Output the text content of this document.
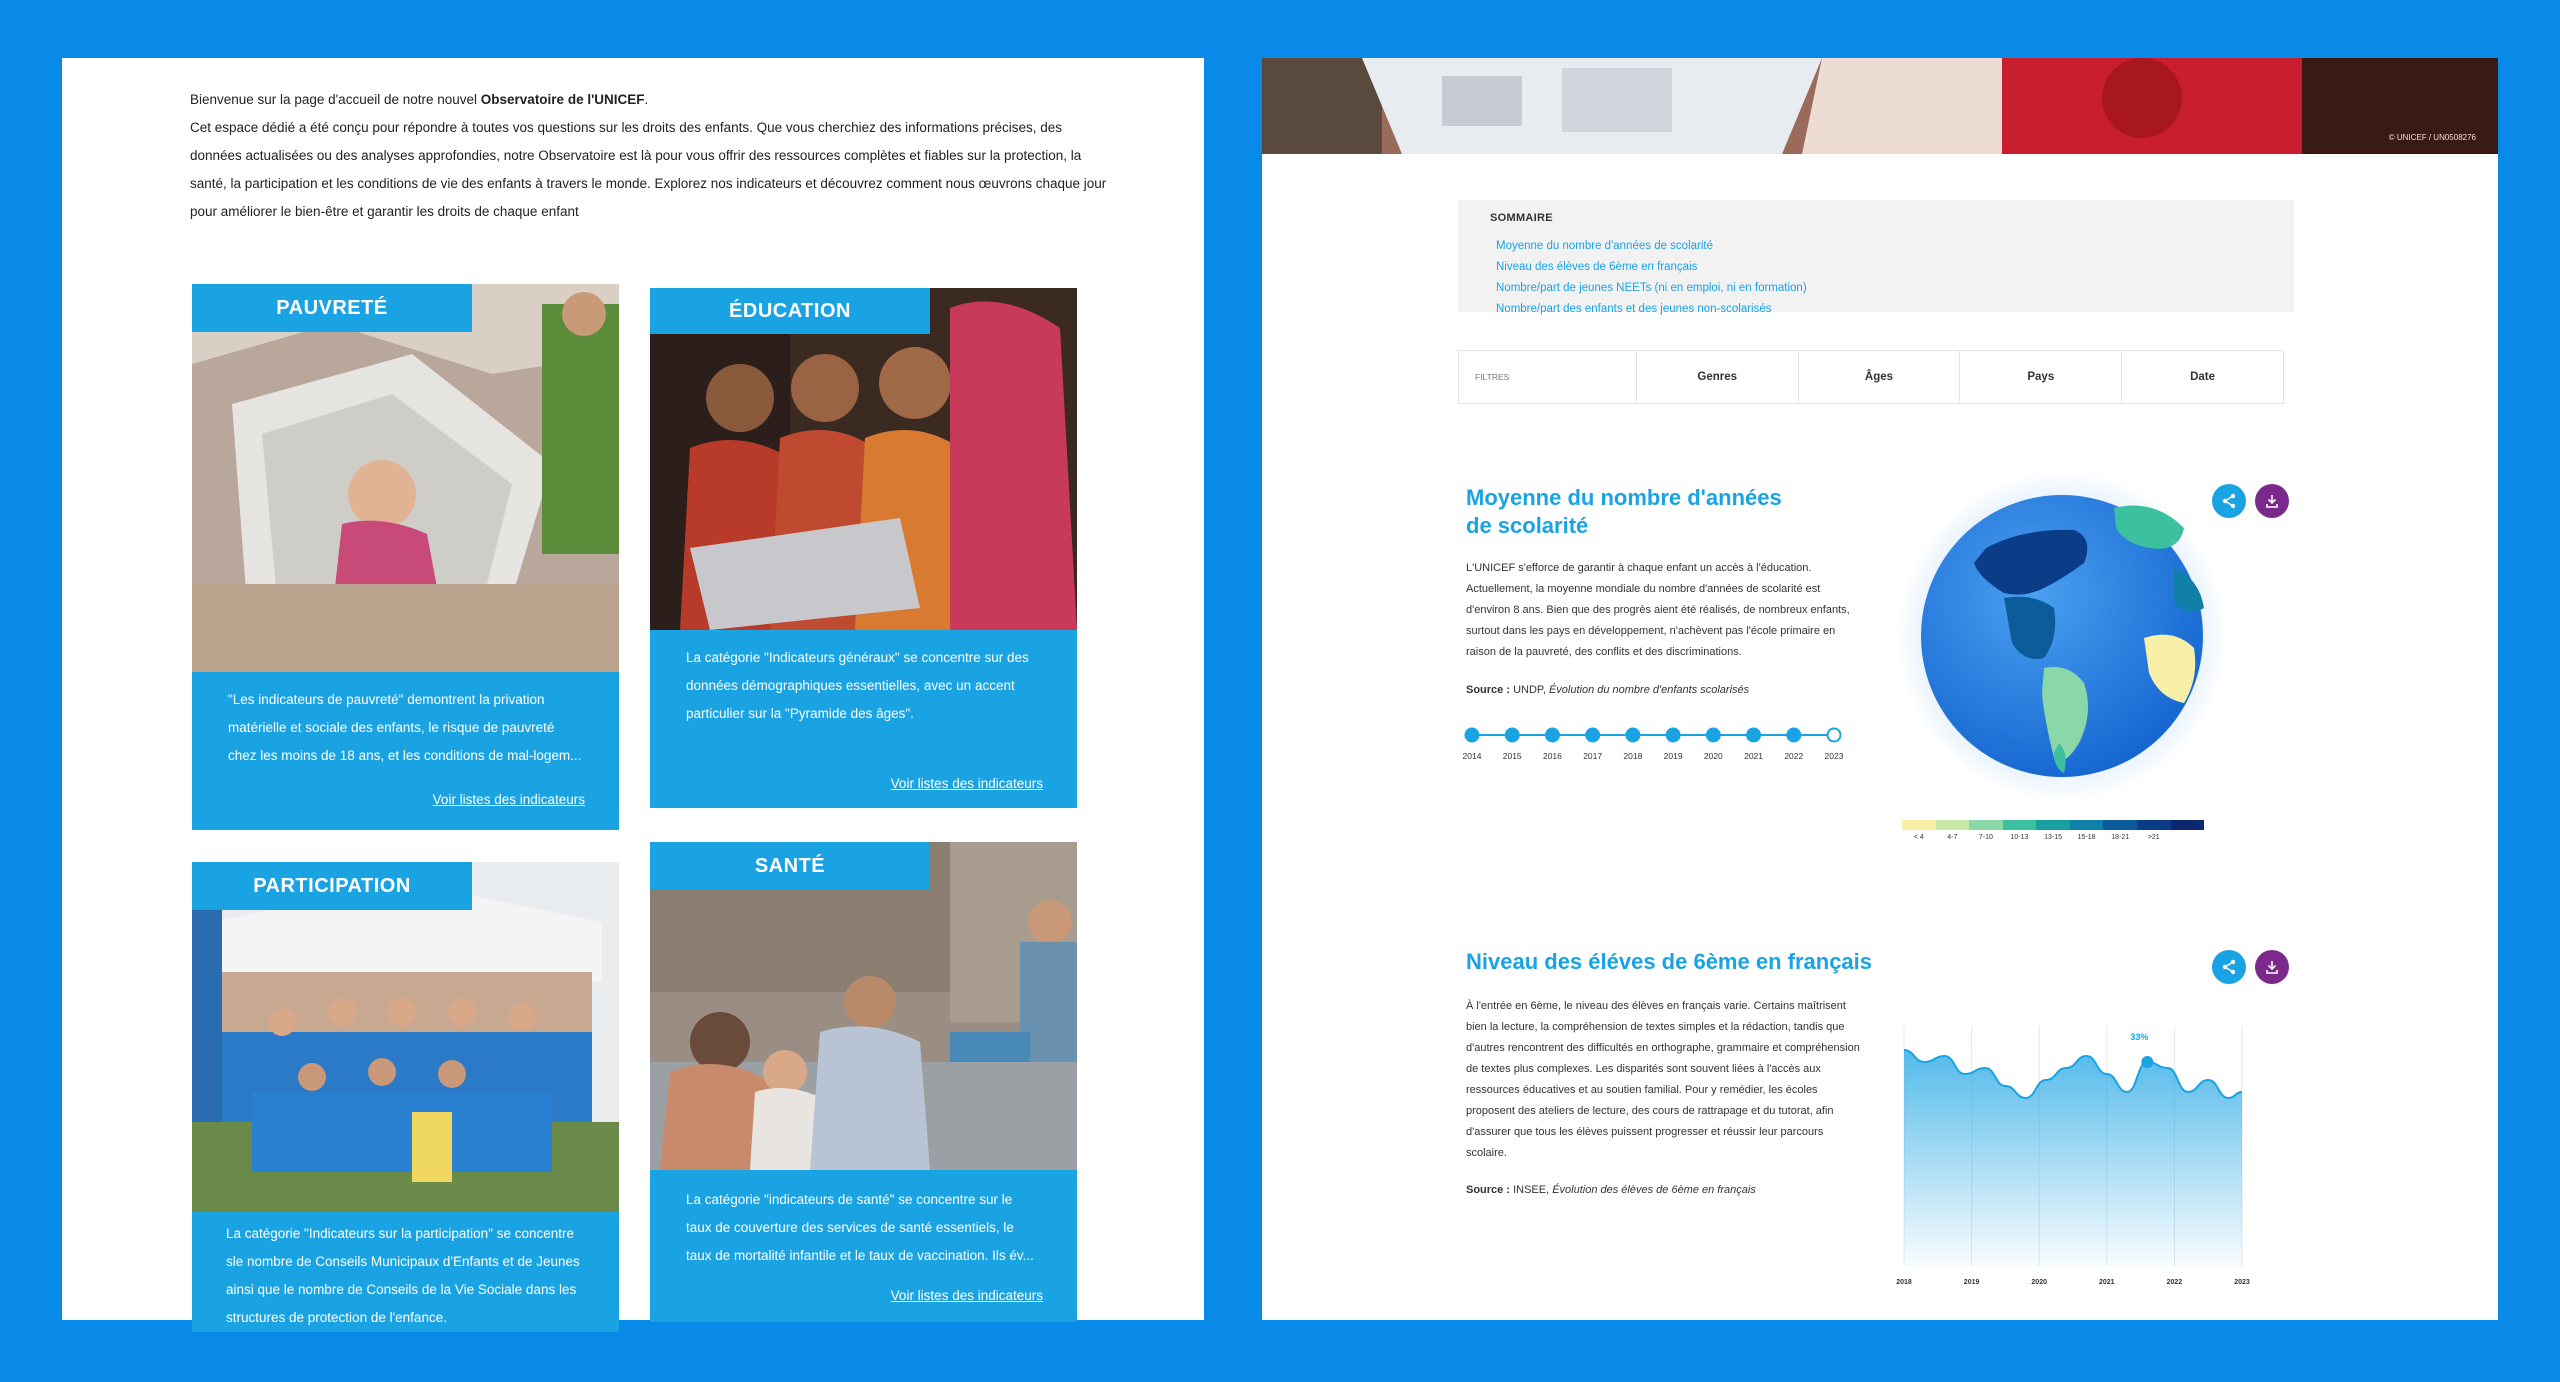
Bienvenue sur la page d'accueil de notre nouvel Observatoire de l'UNICEF.

Cet espace dédié a été conçu pour répondre à toutes vos questions sur les droits des enfants. Que vous cherchiez des informations précises, des données actualisées ou des analyses approfondies, notre Observatoire est là pour vous offrir des ressources complètes et fiables sur la protection, la santé, la participation et les conditions de vie des enfants à travers le monde. Explorez nos indicateurs et découvrez comment nous œuvrons chaque jour pour améliorer le bien-être et garantir les droits de chaque enfant

PAUVRETÉ
"Les indicateurs de pauvreté" demontrent la privation matérielle et sociale des enfants, le risque de pauvreté chez les moins de 18 ans, et les conditions de mal-logem...
Voir listes des indicateurs
ÉDUCATION
La catégorie "Indicateurs généraux" se concentre sur des données démographiques essentielles, avec un accent particulier sur la "Pyramide des âges".
Voir listes des indicateurs
PARTICIPATION
La catégorie "Indicateurs sur la participation" se concentre sle nombre de Conseils Municipaux d'Enfants et de Jeunes ainsi que le nombre de Conseils de la Vie Sociale dans les structures de protection de l'enfance.
SANTÉ
La catégorie "indicateurs de santé" se concentre sur le taux de couverture des services de santé essentiels, le taux de mortalité infantile et le taux de vaccination. Ils év...
Voir listes des indicateurs
© UNICEF / UN0508276
SOMMAIRE
Moyenne du nombre d'années de scolarité
Niveau des élèves de 6ème en français
Nombre/part de jeunes NEETs (ni en emploi, ni en formation)
Nombre/part des enfants et des jeunes non-scolarisés
FILTRES	Genres	Âges	Pays	Date
Moyenne du nombre d'années
de scolarité
L'UNICEF s'efforce de garantir à chaque enfant un accès à l'éducation. Actuellement, la moyenne mondiale du nombre d'années de scolarité est d'environ 8 ans. Bien que des progrès aient été réalisés, de nombreux enfants, surtout dans les pays en développement, n'achèvent pas l'école primaire en raison de la pauvreté, des conflits et des discriminations.
Source : UNDP, Évolution du nombre d'enfants scolarisés
2014	2015	2016	2017	2018	2019	2020	2021	2022	2023
< 4	4-7	7-10	10-13	13-15	15-18	18-21	>21
Niveau des éléves de 6ème en français
À l'entrée en 6ème, le niveau des élèves en français varie. Certains maîtrisent bien la lecture, la compréhension de textes simples et la rédaction, tandis que d'autres rencontrent des difficultés en orthographe, grammaire et compréhension de textes plus complexes. Les disparités sont souvent liées à l'accès aux ressources éducatives et au soutien familial. Pour y remédier, les écoles proposent des ateliers de lecture, des cours de rattrapage et du tutorat, afin d'assurer que tous les élèves puissent progresser et réussir leur parcours scolaire.
Source : INSEE, Évolution des élèves de 6ème en français
33%
2018	2019	2020	2021	2022	2023
